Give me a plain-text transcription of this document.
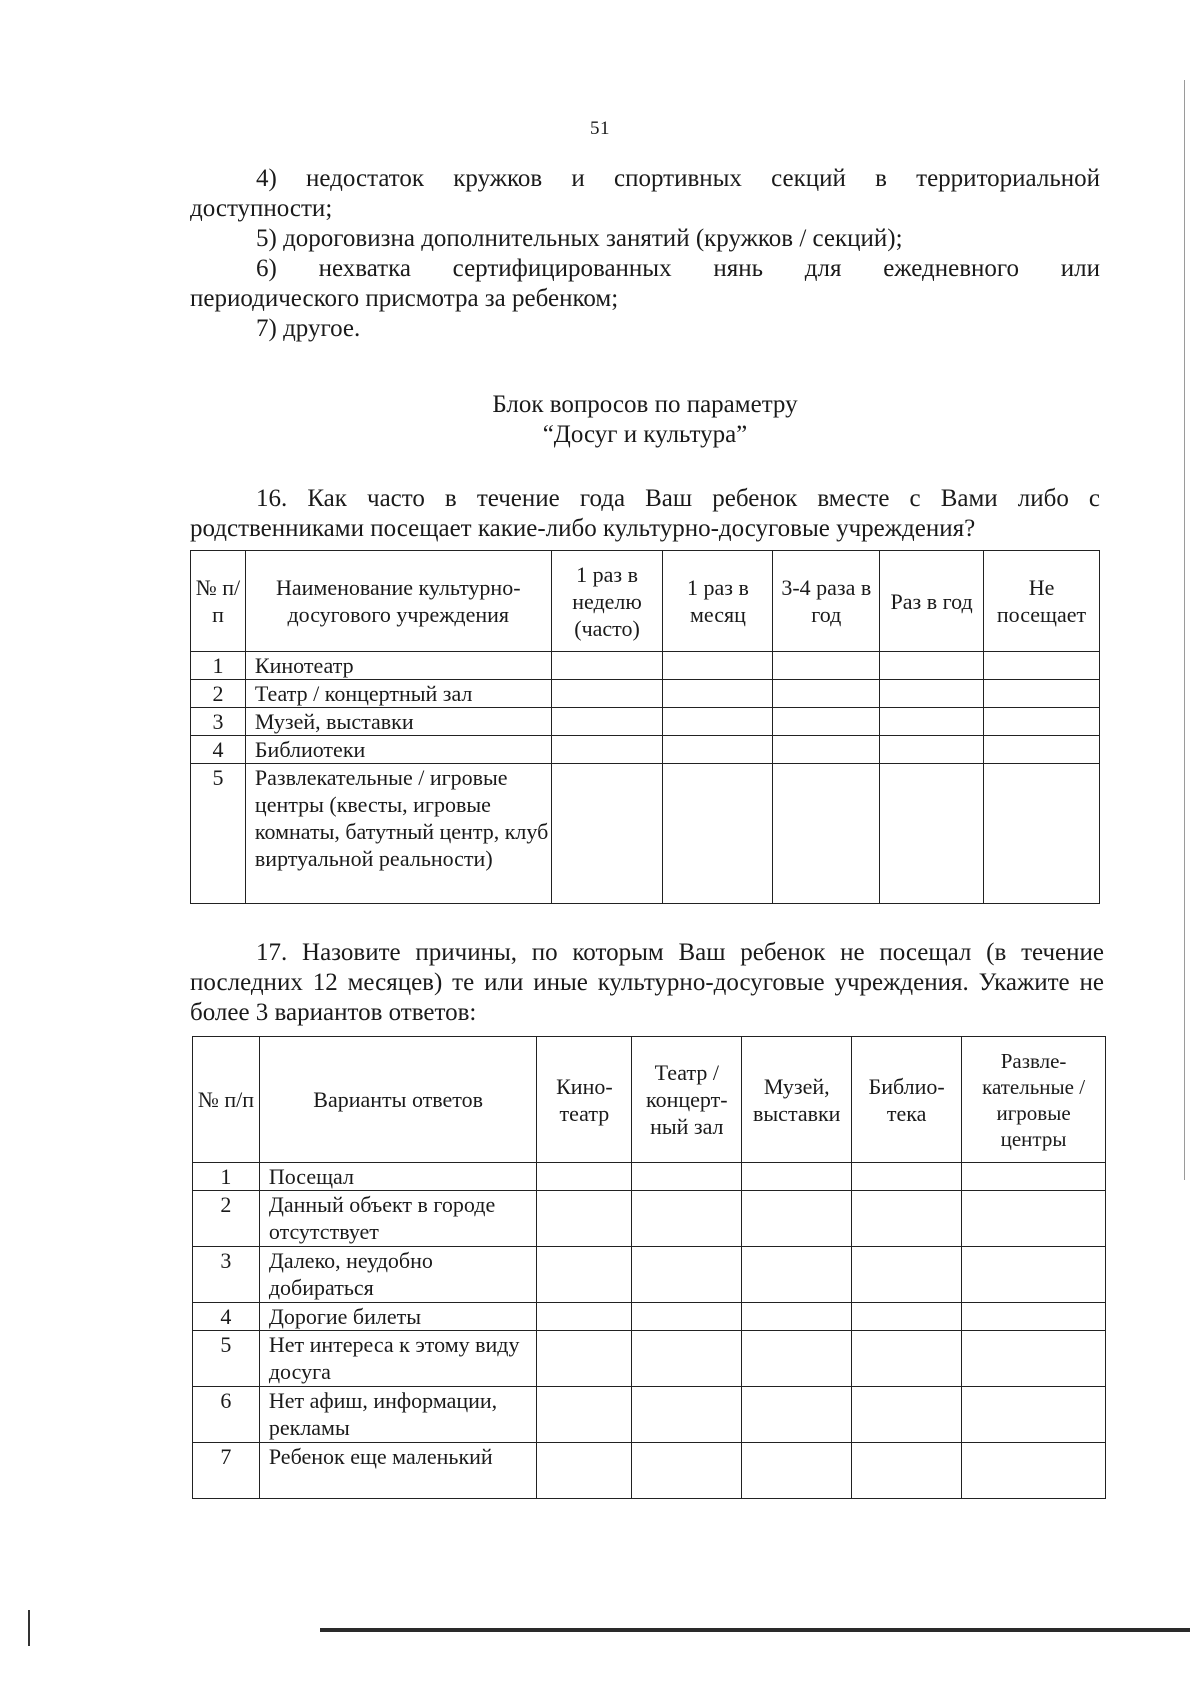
51

4) недостаток кружков и спортивных секций в территориальной

доступности;

5) дороговизна дополнительных занятий (кружков / секций);

6) нехватка сертифицированных нянь для ежедневного или

периодического присмотра за ребенком;

7) другое.

Блок вопросов по параметру

“Досуг и культура”

16. Как часто в течение года Ваш ребенок вместе с Вами либо с родственниками посещает какие-либо культурно-досуговые учреждения?

№ п/п	Наименование культурно-досугового учреждения	1 раз в неделю (часто)	1 раз в месяц	3-4 раза в год	Раз в год	Не посещает
1	Кинотеатр					
2	Театр / концертный зал					
3	Музей, выставки					
4	Библиотеки					
5	Развлекательные / игровые центры (квесты, игровые комнаты, батутный центр, клуб виртуальной реальности)					

17. Назовите причины, по которым Ваш ребенок не посещал (в течение последних 12 месяцев) те или иные культурно-досуговые учреждения. Укажите не более 3 вариантов ответов:

№ п/п	Варианты ответов	Кино- театр	Театр / концерт- ный зал	Музей, выставки	Библио- тека	Развле- кательные / игровые центры
1	Посещал					
2	Данный объект в городе отсутствует					
3	Далеко, неудобно добираться					
4	Дорогие билеты					
5	Нет интереса к этому виду досуга					
6	Нет афиш, информации, рекламы					
7	Ребенок еще маленький					
